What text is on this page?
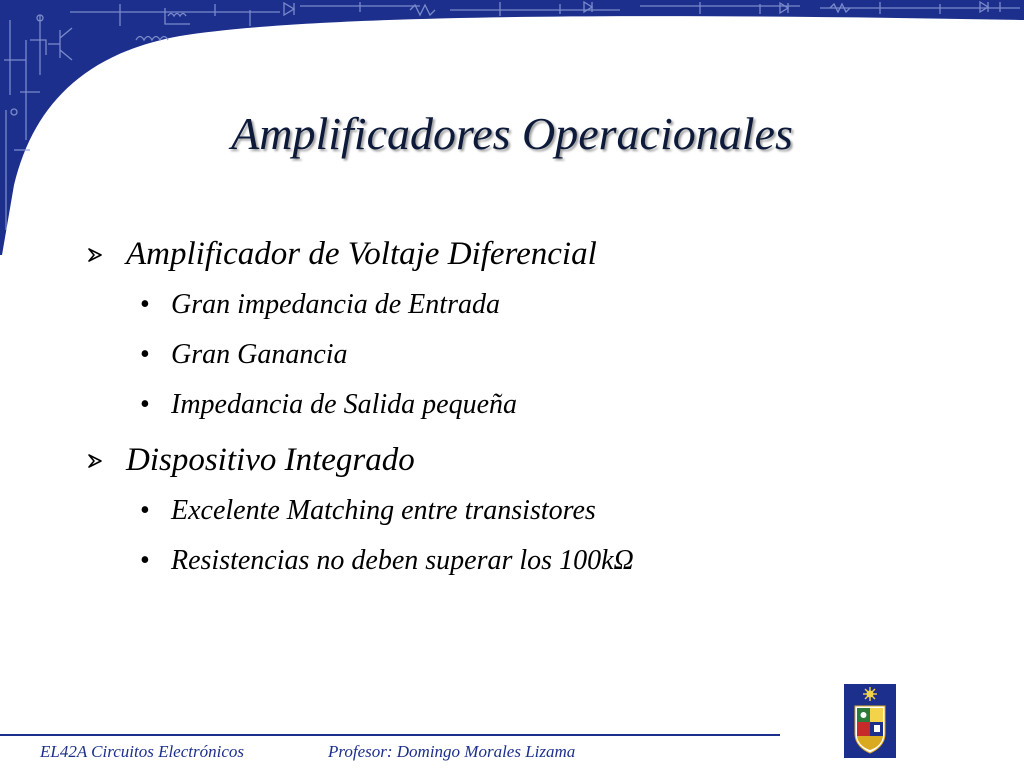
Amplificadores Operacionales
Amplificador de Voltaje Diferencial
• Gran impedancia de Entrada
• Gran Ganancia
• Impedancia de Salida pequeña
Dispositivo Integrado
• Excelente Matching entre transistores
• Resistencias no deben superar los 100kΩ
EL42A Circuitos Electrónicos	Profesor: Domingo Morales Lizama
